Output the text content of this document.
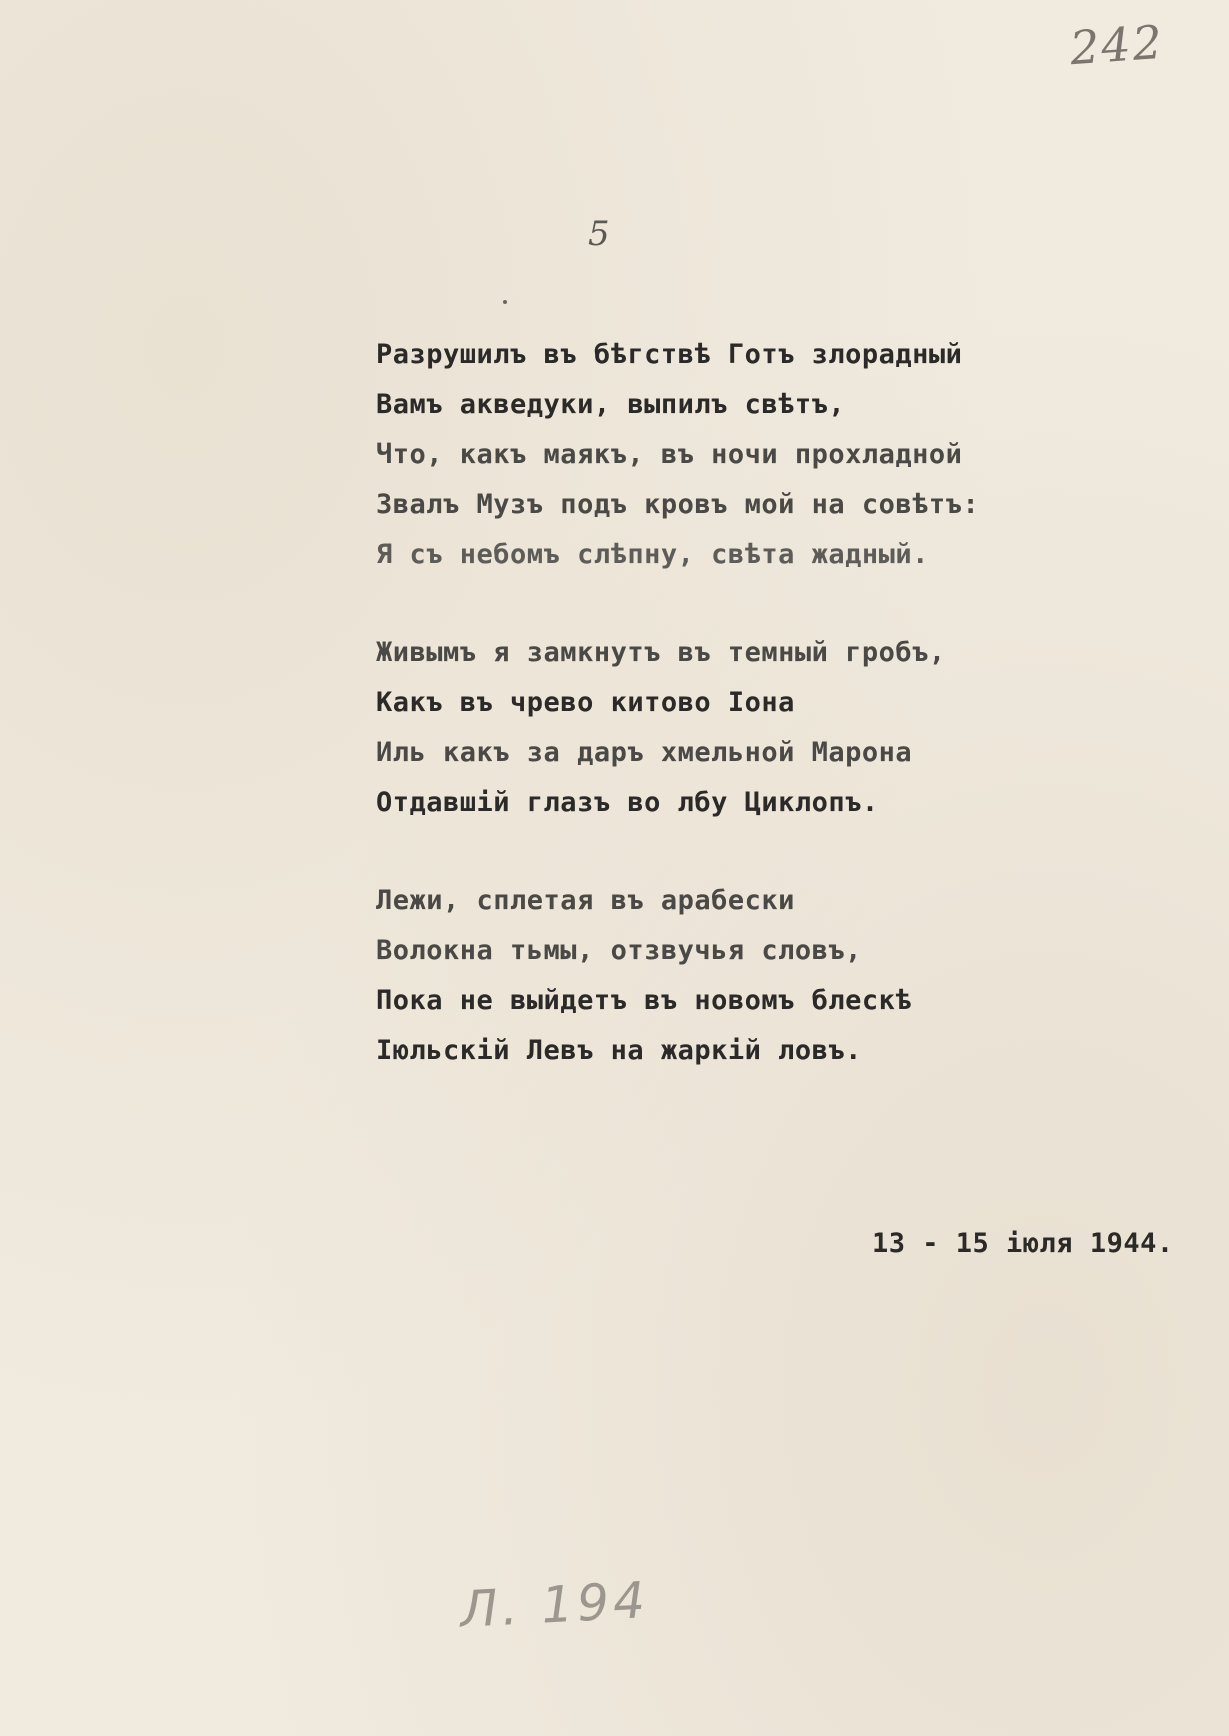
242
5
Разрушилъ въ бѣгствѣ Готъ злорадный
Вамъ акведуки, выпилъ свѣтъ,
Что, какъ маякъ, въ ночи прохладной
Звалъ Музъ подъ кровъ мой на совѣтъ:
Я съ небомъ слѣпну, свѣта жадный.
Живымъ я замкнутъ въ темный гробъ,
Какъ въ чрево китово Іона
Иль какъ за даръ хмельной Марона
Отдавшій глазъ во лбу Циклопъ.
Лежи, сплетая въ арабески
Волокна тьмы, отзвучья словъ,
Пока не выйдетъ въ новомъ блескѣ
Іюльскій Левъ на жаркій ловъ.
13 - 15 іюля 1944.
Л. 194
